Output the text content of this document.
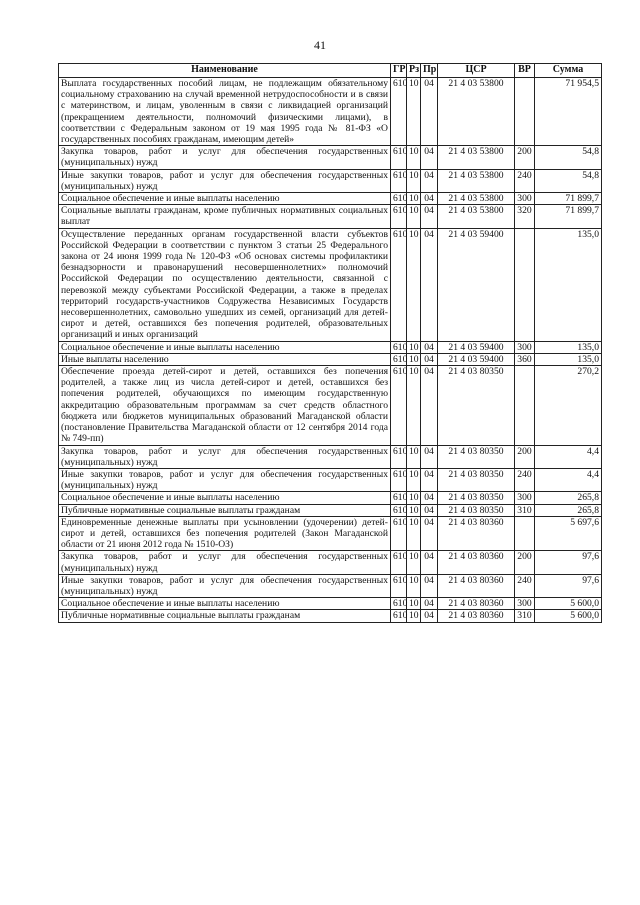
41
Наименование	ГР	Рз	Пр	ЦСР	ВР	Сумма
Выплата государственных пособий лицам, не подлежащим обязательному социальному страхованию на случай временной нетрудоспособности и в связи с материнством, и лицам, уволенным в связи с ликвидацией организаций (прекращением деятельности, полномочий физическими лицами), в соответствии с Федеральным законом от 19 мая 1995 года № 81-ФЗ «О государственных пособиях гражданам, имеющим детей»	610	10	04	21 4 03 53800		71 954,5
Закупка товаров, работ и услуг для обеспечения государственных (муниципальных) нужд	610	10	04	21 4 03 53800	200	54,8
Иные закупки товаров, работ и услуг для обеспечения государственных (муниципальных) нужд	610	10	04	21 4 03 53800	240	54,8
Социальное обеспечение и иные выплаты населению	610	10	04	21 4 03 53800	300	71 899,7
Социальные выплаты гражданам, кроме публичных нормативных социальных выплат	610	10	04	21 4 03 53800	320	71 899,7
Осуществление переданных органам государственной власти субъектов Российской Федерации в соответствии с пунктом 3 статьи 25 Федерального закона от 24 июня 1999 года № 120-ФЗ «Об основах системы профилактики безнадзорности и правонарушений несовершеннолетних» полномочий Российской Федерации по осуществлению деятельности, связанной с перевозкой между субъектами Российской Федерации, а также в пределах территорий государств-участников Содружества Независимых Государств несовершеннолетних, самовольно ушедших из семей, организаций для детей-сирот и детей, оставшихся без попечения родителей, образовательных организаций и иных организаций	610	10	04	21 4 03 59400		135,0
Социальное обеспечение и иные выплаты населению	610	10	04	21 4 03 59400	300	135,0
Иные выплаты населению	610	10	04	21 4 03 59400	360	135,0
Обеспечение проезда детей-сирот и детей, оставшихся без попечения родителей, а также лиц из числа детей-сирот и детей, оставшихся без попечения родителей, обучающихся по имеющим государственную аккредитацию образовательным программам за счет средств областного бюджета или бюджетов муниципальных образований Магаданской области (постановление Правительства Магаданской области от 12 сентября 2014 года № 749-пп)	610	10	04	21 4 03 80350		270,2
Закупка товаров, работ и услуг для обеспечения государственных (муниципальных) нужд	610	10	04	21 4 03 80350	200	4,4
Иные закупки товаров, работ и услуг для обеспечения государственных (муниципальных) нужд	610	10	04	21 4 03 80350	240	4,4
Социальное обеспечение и иные выплаты населению	610	10	04	21 4 03 80350	300	265,8
Публичные нормативные социальные выплаты гражданам	610	10	04	21 4 03 80350	310	265,8
Единовременные денежные выплаты при усыновлении (удочерении) детей-сирот и детей, оставшихся без попечения родителей (Закон Магаданской области от 21 июня 2012 года № 1510-ОЗ)	610	10	04	21 4 03 80360		5 697,6
Закупка товаров, работ и услуг для обеспечения государственных (муниципальных) нужд	610	10	04	21 4 03 80360	200	97,6
Иные закупки товаров, работ и услуг для обеспечения государственных (муниципальных) нужд	610	10	04	21 4 03 80360	240	97,6
Социальное обеспечение и иные выплаты населению	610	10	04	21 4 03 80360	300	5 600,0
Публичные нормативные социальные выплаты гражданам	610	10	04	21 4 03 80360	310	5 600,0
